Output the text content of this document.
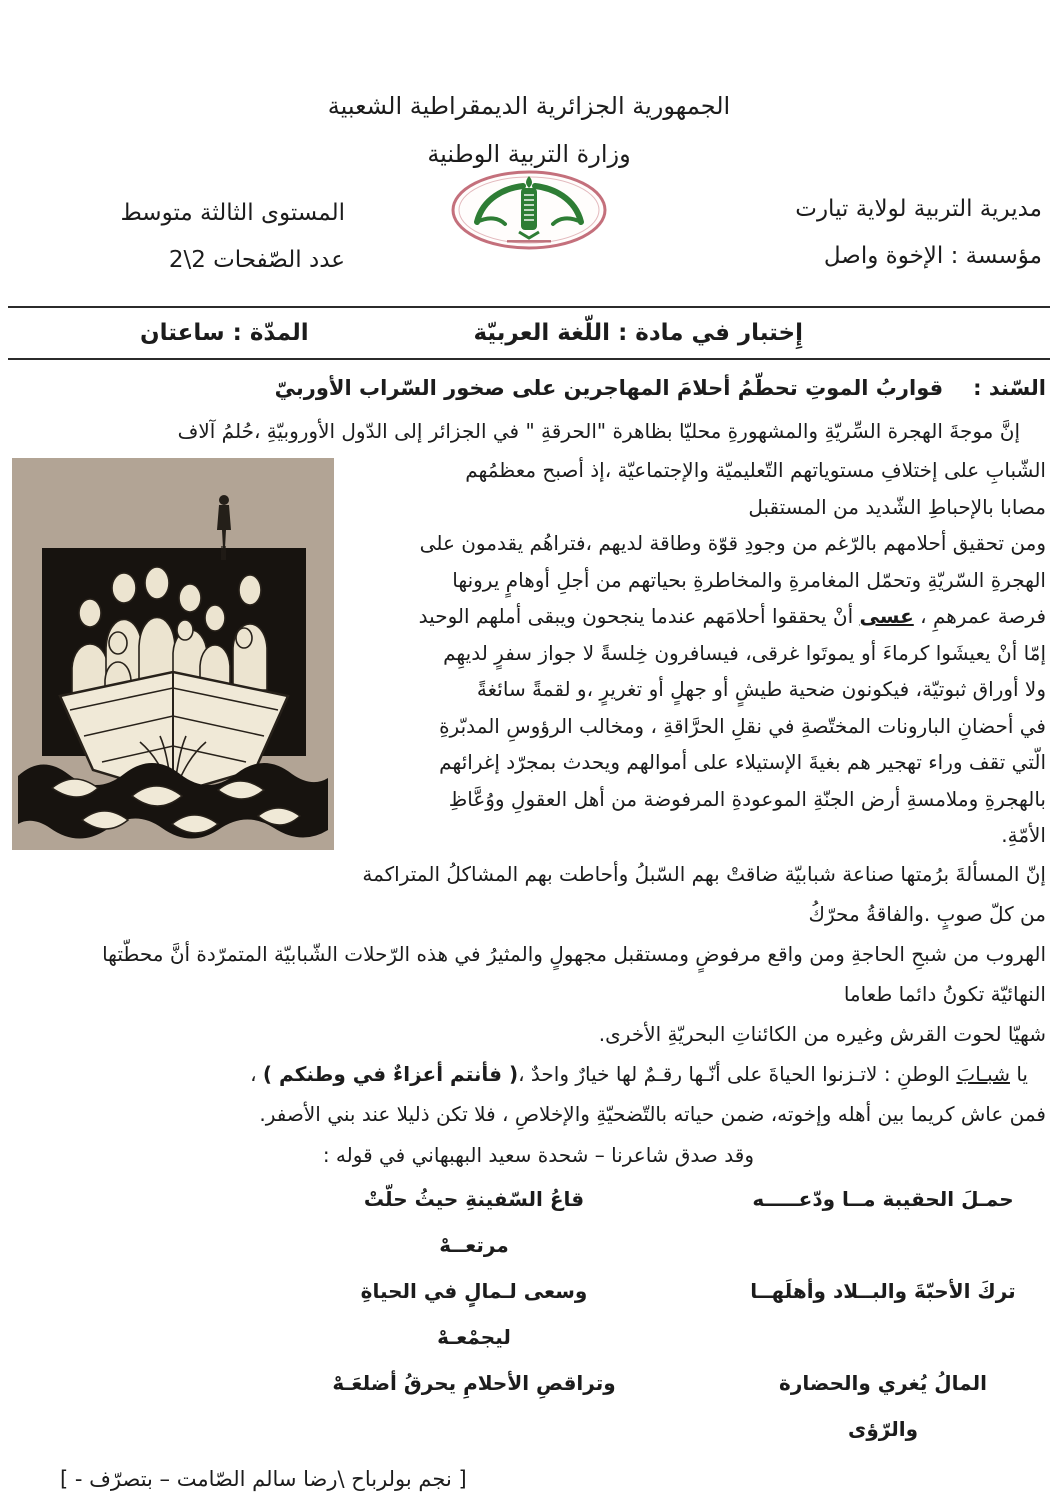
الجمهورية الجزائرية الديمقراطية الشعبية
وزارة التربية الوطنية
مديرية التربية لولاية تيارت
مؤسسة : الإخوة واصل
المستوى الثالثة متوسط
عدد الصّفحات 2\2
إِختبار في مادة : اللّغة العربيّة
المدّة : ساعتان
السّند :قواربُ الموتِ تحطّمُ أحلامَ المهاجرين على صخور السّراب الأوربيّ
إنَّ موجةَ الهجرة السِّريّةِ والمشهورةِ محليّا بظاهرة "الحرقةِ " في الجزائر إلى الدّول الأوروبيّةِ ،حُلمُ آلاف
الشّبابِ على إختلافِ مستوياتهم التّعليميّة والإجتماعيّة ،إذ أصبح معظمُهم
مصابا بالإحباطِ الشّديد من المستقبل
ومن تحقيق أحلامهم بالرّغم من وجودِ قوّة وطاقة لديهم ،فتراهُم يقدمون على
الهجرةِ السّريّةِ وتحمّل المغامرةِ والمخاطرةِ بحياتهم من أجلِ أوهامٍ يرونها
فرصة عمرهمِ ، عسى أنْ يحققوا أحلامَهم عندما ينجحون ويبقى أملهم الوحيد
إمّا أنْ يعيشَوا كرماءَ أو يموتَوا غرقى، فيسافرون خِلسةً لا جواز سفرٍ لديهِم
ولا أوراق ثبوتيّة، فيكونون ضحية طيشٍ أو جهلٍ أو تغريرٍ ،و لقمةً سائغةً
في أحضانِ البارونات المختّصةِ في نقلِ الحرَّاقةِ ، ومخالب الرؤوسِ المدبّرةِ
الّتي تقف وراء تهجير هم بغيةَ الإستيلاء على أموالهم ويحدث بمجرّد إغرائهم
بالهجرةِ وملامسةِ أرض الجنّةِ الموعودةِ المرفوضة من أهل العقولِ ووُعَّاظِ
الأمّةِ.
إنّ المسألةَ برُمتها صناعة شبابيّة ضاقتْ بهم السّبلُ وأحاطت بهم المشاكلُ المتراكمة من كلّ صوبٍ .والفاقةُ محرّكُ
الهروب من شبحِ الحاجةِ ومن واقع مرفوضٍ ومستقبل مجهولٍ والمثيرُ في هذه الرّحلات الشّبابيّة المتمرّدة أنَّ محطّتها
النهائيّة تكونُ دائما طعاما
شهيّا لحوت القرش وغيره من الكائناتِ البحريّةِ الأخرى.
يا شبـابَ الوطنِ : لاتـزنوا الحياةَ على أنّـها رقـمٌ لها خيارٌ واحدٌ ،( فأنتم أعزاءٌ في وطنكم ) ،
فمن عاش كريما بين أهله وإخوته، ضمن حياته بالتّضحيّةِ والإخلاصِ ، فلا تكن ذليلا عند بني الأصفر.
وقد صدق شاعرنا – شحدة سعيد البهبهاني في قوله :
حمـلَ الحقيبة مــا ودّعـــــه
قاعُ السّفينةِ حيثُ حلّتْ مرتعــهْ
تركَ الأحبّةَ والبــلاد وأهلَهــا
وسعى لـمالٍ في الحياةِ ليجمْعـهْ
المالُ يُغري والحضارة والرّؤى
وتراقصِ الأحلامِ يحرقُ أضلعَـهْ
[ نجم بولرباح \رضا سالم الصّامت – بتصرّف - ]
